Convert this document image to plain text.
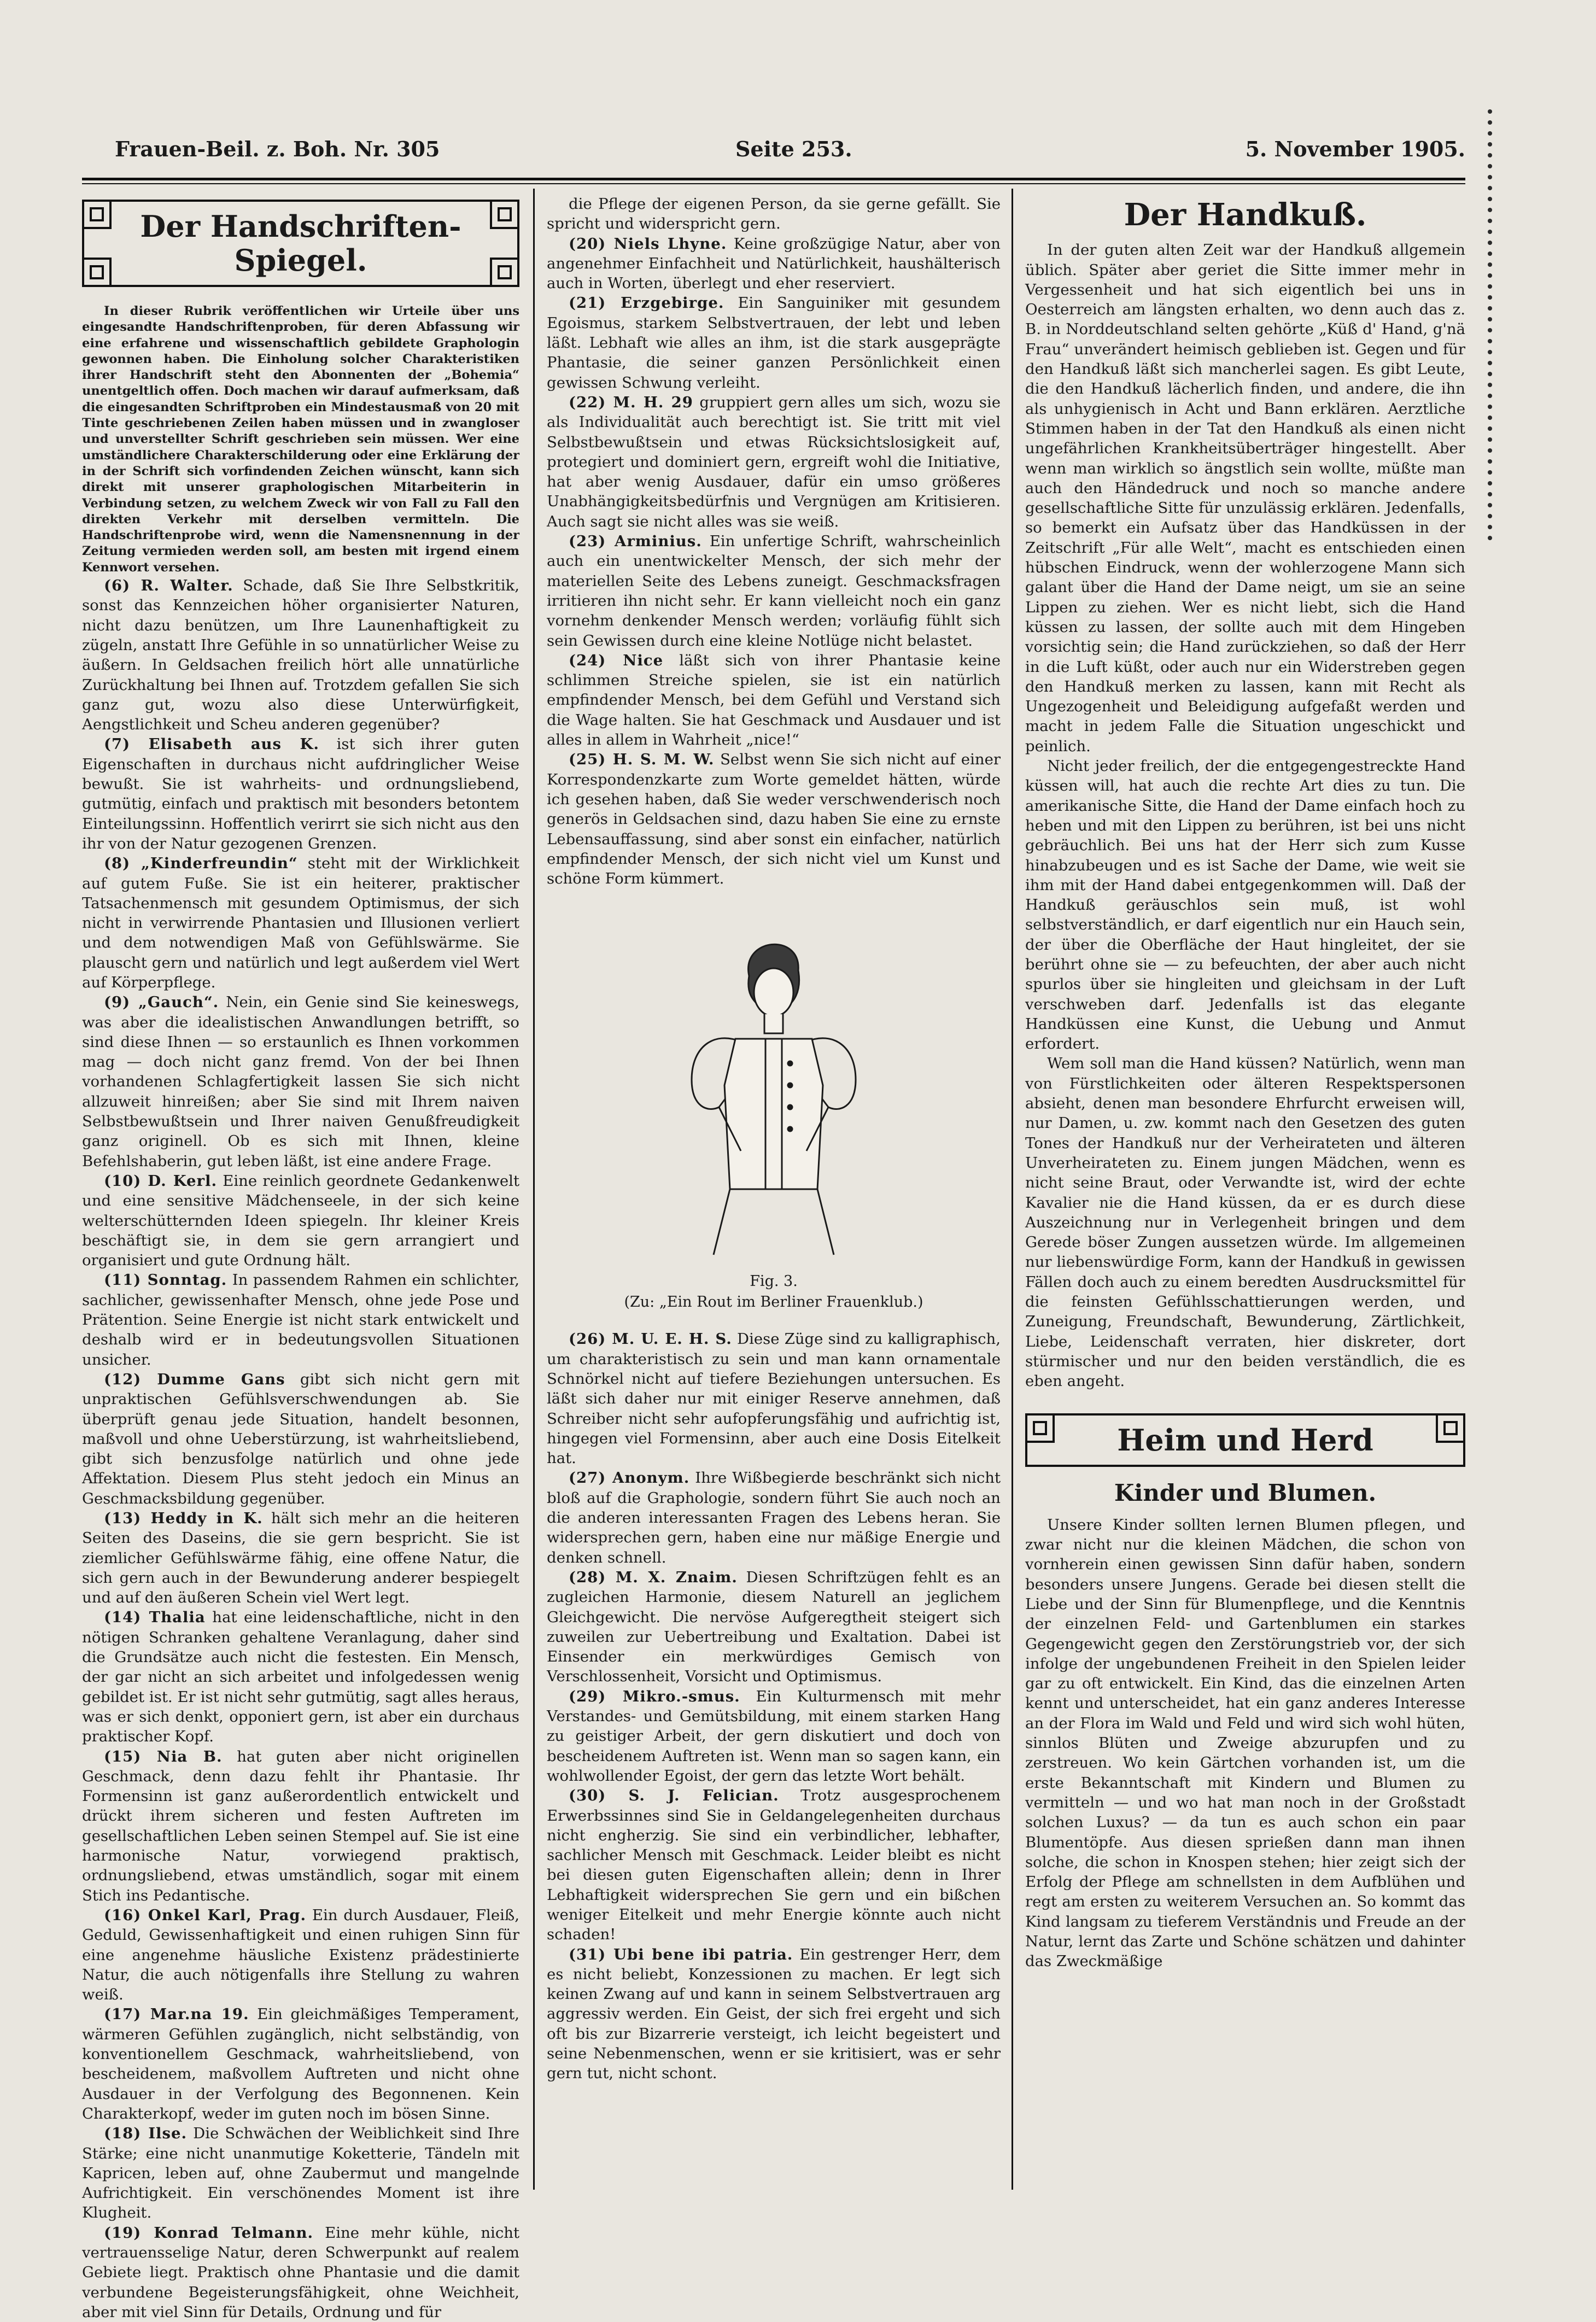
Frauen-Beil. z. Boh. Nr. 305	Seite 253.	5. November 1905.
Der Handschriften-
Spiegel.

In dieser Rubrik veröffentlichen wir Urteile über uns eingesandte Handschriftenproben, für deren Abfassung wir eine erfahrene und wissenschaftlich gebildete Graphologin gewonnen haben. Die Einholung solcher Charakteristiken ihrer Handschrift steht den Abonnenten der „Bohemia“ unentgeltlich offen. Doch machen wir darauf aufmerksam, daß die eingesandten Schriftproben ein Mindestausmaß von 20 mit Tinte geschriebenen Zeilen haben müssen und in zwangloser und unverstellter Schrift geschrieben sein müssen. Wer eine umständlichere Charakterschilderung oder eine Erklärung der in der Schrift sich vorfindenden Zeichen wünscht, kann sich direkt mit unserer graphologischen Mitarbeiterin in Verbindung setzen, zu welchem Zweck wir von Fall zu Fall den direkten Verkehr mit derselben vermitteln. Die Handschriftenprobe wird, wenn die Namensnennung in der Zeitung vermieden werden soll, am besten mit irgend einem Kennwort versehen.

(6) R. Walter. Schade, daß Sie Ihre Selbstkritik, sonst das Kennzeichen höher organisierter Naturen, nicht dazu benützen, um Ihre Launenhaftigkeit zu zügeln, anstatt Ihre Gefühle in so unnatürlicher Weise zu äußern. In Geldsachen freilich hört alle unnatürliche Zurückhaltung bei Ihnen auf. Trotzdem gefallen Sie sich ganz gut, wozu also diese Unterwürfigkeit, Aengstlichkeit und Scheu anderen gegenüber?

(7) Elisabeth aus K. ist sich ihrer guten Eigenschaften in durchaus nicht aufdringlicher Weise bewußt. Sie ist wahrheits- und ordnungsliebend, gutmütig, einfach und praktisch mit besonders betontem Einteilungssinn. Hoffentlich verirrt sie sich nicht aus den ihr von der Natur gezogenen Grenzen.

(8) „Kinderfreundin“ steht mit der Wirklichkeit auf gutem Fuße. Sie ist ein heiterer, praktischer Tatsachenmensch mit gesundem Optimismus, der sich nicht in verwirrende Phantasien und Illusionen verliert und dem notwendigen Maß von Gefühlswärme. Sie plauscht gern und natürlich und legt außerdem viel Wert auf Körperpflege.

(9) „Gauch“. Nein, ein Genie sind Sie keineswegs, was aber die idealistischen Anwandlungen betrifft, so sind diese Ihnen — so erstaunlich es Ihnen vorkommen mag — doch nicht ganz fremd. Von der bei Ihnen vorhandenen Schlagfertigkeit lassen Sie sich nicht allzuweit hinreißen; aber Sie sind mit Ihrem naiven Selbstbewußtsein und Ihrer naiven Genußfreudigkeit ganz originell. Ob es sich mit Ihnen, kleine Befehlshaberin, gut leben läßt, ist eine andere Frage.

(10) D. Kerl. Eine reinlich geordnete Gedankenwelt und eine sensitive Mädchenseele, in der sich keine welterschütternden Ideen spiegeln. Ihr kleiner Kreis beschäftigt sie, in dem sie gern arrangiert und organisiert und gute Ordnung hält.

(11) Sonntag. In passendem Rahmen ein schlichter, sachlicher, gewissenhafter Mensch, ohne jede Pose und Prätention. Seine Energie ist nicht stark entwickelt und deshalb wird er in bedeutungsvollen Situationen unsicher.

(12) Dumme Gans gibt sich nicht gern mit unpraktischen Gefühlsverschwendungen ab. Sie überprüft genau jede Situation, handelt besonnen, maßvoll und ohne Ueberstürzung, ist wahrheitsliebend, gibt sich benzusfolge natürlich und ohne jede Affektation. Diesem Plus steht jedoch ein Minus an Geschmacksbildung gegenüber.

(13) Heddy in K. hält sich mehr an die heiteren Seiten des Daseins, die sie gern bespricht. Sie ist ziemlicher Gefühlswärme fähig, eine offene Natur, die sich gern auch in der Bewunderung anderer bespiegelt und auf den äußeren Schein viel Wert legt.

(14) Thalia hat eine leidenschaftliche, nicht in den nötigen Schranken gehaltene Veranlagung, daher sind die Grundsätze auch nicht die festesten. Ein Mensch, der gar nicht an sich arbeitet und infolgedessen wenig gebildet ist. Er ist nicht sehr gutmütig, sagt alles heraus, was er sich denkt, opponiert gern, ist aber ein durchaus praktischer Kopf.

(15) Nia B. hat guten aber nicht originellen Geschmack, denn dazu fehlt ihr Phantasie. Ihr Formensinn ist ganz außerordentlich entwickelt und drückt ihrem sicheren und festen Auftreten im gesellschaftlichen Leben seinen Stempel auf. Sie ist eine harmonische Natur, vorwiegend praktisch, ordnungsliebend, etwas umständlich, sogar mit einem Stich ins Pedantische.

(16) Onkel Karl, Prag. Ein durch Ausdauer, Fleiß, Geduld, Gewissenhaftigkeit und einen ruhigen Sinn für eine angenehme häusliche Existenz prädestinierte Natur, die auch nötigenfalls ihre Stellung zu wahren weiß.

(17) Mar.na 19. Ein gleichmäßiges Temperament, wärmeren Gefühlen zugänglich, nicht selbständig, von konventionellem Geschmack, wahrheitsliebend, von bescheidenem, maßvollem Auftreten und nicht ohne Ausdauer in der Verfolgung des Begonnenen. Kein Charakterkopf, weder im guten noch im bösen Sinne.

(18) Ilse. Die Schwächen der Weiblichkeit sind Ihre Stärke; eine nicht unanmutige Koketterie, Tändeln mit Kapricen, leben auf, ohne Zaubermut und mangelnde Aufrichtigkeit. Ein verschönendes Moment ist ihre Klugheit.

(19) Konrad Telmann. Eine mehr kühle, nicht vertrauensselige Natur, deren Schwerpunkt auf realem Gebiete liegt. Praktisch ohne Phantasie und die damit verbundene Begeisterungsfähigkeit, ohne Weichheit, aber mit viel Sinn für Details, Ordnung und für

die Pflege der eigenen Person, da sie gerne gefällt. Sie spricht und widerspricht gern.

(20) Niels Lhyne. Keine großzügige Natur, aber von angenehmer Einfachheit und Natürlichkeit, haushälterisch auch in Worten, überlegt und eher reserviert.

(21) Erzgebirge. Ein Sanguiniker mit gesundem Egoismus, starkem Selbstvertrauen, der lebt und leben läßt. Lebhaft wie alles an ihm, ist die stark ausgeprägte Phantasie, die seiner ganzen Persönlichkeit einen gewissen Schwung verleiht.

(22) M. H. 29 gruppiert gern alles um sich, wozu sie als Individualität auch berechtigt ist. Sie tritt mit viel Selbstbewußtsein und etwas Rücksichtslosigkeit auf, protegiert und dominiert gern, ergreift wohl die Initiative, hat aber wenig Ausdauer, dafür ein umso größeres Unabhängigkeitsbedürfnis und Vergnügen am Kritisieren. Auch sagt sie nicht alles was sie weiß.

(23) Arminius. Ein unfertige Schrift, wahrscheinlich auch ein unentwickelter Mensch, der sich mehr der materiellen Seite des Lebens zuneigt. Geschmacksfragen irritieren ihn nicht sehr. Er kann vielleicht noch ein ganz vornehm denkender Mensch werden; vorläufig fühlt sich sein Gewissen durch eine kleine Notlüge nicht belastet.

(24) Nice läßt sich von ihrer Phantasie keine schlimmen Streiche spielen, sie ist ein natürlich empfindender Mensch, bei dem Gefühl und Verstand sich die Wage halten. Sie hat Geschmack und Ausdauer und ist alles in allem in Wahrheit „nice!“

(25) H. S. M. W. Selbst wenn Sie sich nicht auf einer Korrespondenzkarte zum Worte gemeldet hätten, würde ich gesehen haben, daß Sie weder verschwenderisch noch generös in Geldsachen sind, dazu haben Sie eine zu ernste Lebensauffassung, sind aber sonst ein einfacher, natürlich empfindender Mensch, der sich nicht viel um Kunst und schöne Form kümmert.

Fig. 3.
(Zu: „Ein Rout im Berliner Frauenklub.)

(26) M. U. E. H. S. Diese Züge sind zu kalligraphisch, um charakteristisch zu sein und man kann ornamentale Schnörkel nicht auf tiefere Beziehungen untersuchen. Es läßt sich daher nur mit einiger Reserve annehmen, daß Schreiber nicht sehr aufopferungsfähig und aufrichtig ist, hingegen viel Formensinn, aber auch eine Dosis Eitelkeit hat.

(27) Anonym. Ihre Wißbegierde beschränkt sich nicht bloß auf die Graphologie, sondern führt Sie auch noch an die anderen interessanten Fragen des Lebens heran. Sie widersprechen gern, haben eine nur mäßige Energie und denken schnell.

(28) M. X. Znaim. Diesen Schriftzügen fehlt es an zugleichen Harmonie, diesem Naturell an jeglichem Gleichgewicht. Die nervöse Aufgeregtheit steigert sich zuweilen zur Uebertreibung und Exaltation. Dabei ist Einsender ein merkwürdiges Gemisch von Verschlossenheit, Vorsicht und Optimismus.

(29) Mikro.-smus. Ein Kulturmensch mit mehr Verstandes- und Gemütsbildung, mit einem starken Hang zu geistiger Arbeit, der gern diskutiert und doch von bescheidenem Auftreten ist. Wenn man so sagen kann, ein wohlwollender Egoist, der gern das letzte Wort behält.

(30) S. J. Felician. Trotz ausgesprochenem Erwerbssinnes sind Sie in Geldangelegenheiten durchaus nicht engherzig. Sie sind ein verbindlicher, lebhafter, sachlicher Mensch mit Geschmack. Leider bleibt es nicht bei diesen guten Eigenschaften allein; denn in Ihrer Lebhaftigkeit widersprechen Sie gern und ein bißchen weniger Eitelkeit und mehr Energie könnte auch nicht schaden!

(31) Ubi bene ibi patria. Ein gestrenger Herr, dem es nicht beliebt, Konzessionen zu machen. Er legt sich keinen Zwang auf und kann in seinem Selbstvertrauen arg aggressiv werden. Ein Geist, der sich frei ergeht und sich oft bis zur Bizarrerie versteigt, ich leicht begeistert und seine Nebenmenschen, wenn er sie kritisiert, was er sehr gern tut, nicht schont.

Der Handkuß.

In der guten alten Zeit war der Handkuß allgemein üblich. Später aber geriet die Sitte immer mehr in Vergessenheit und hat sich eigentlich bei uns in Oesterreich am längsten erhalten, wo denn auch das z. B. in Norddeutschland selten gehörte „Küß d' Hand, g'nä Frau“ unverändert heimisch geblieben ist. Gegen und für den Handkuß läßt sich mancherlei sagen. Es gibt Leute, die den Handkuß lächerlich finden, und andere, die ihn als unhygienisch in Acht und Bann erklären. Aerztliche Stimmen haben in der Tat den Handkuß als einen nicht ungefährlichen Krankheitsüberträger hingestellt. Aber wenn man wirklich so ängstlich sein wollte, müßte man auch den Händedruck und noch so manche andere gesellschaftliche Sitte für unzulässig erklären. Jedenfalls, so bemerkt ein Aufsatz über das Handküssen in der Zeitschrift „Für alle Welt“, macht es entschieden einen hübschen Eindruck, wenn der wohlerzogene Mann sich galant über die Hand der Dame neigt, um sie an seine Lippen zu ziehen. Wer es nicht liebt, sich die Hand küssen zu lassen, der sollte auch mit dem Hingeben vorsichtig sein; die Hand zurückziehen, so daß der Herr in die Luft küßt, oder auch nur ein Widerstreben gegen den Handkuß merken zu lassen, kann mit Recht als Ungezogenheit und Beleidigung aufgefaßt werden und macht in jedem Falle die Situation ungeschickt und peinlich.

Nicht jeder freilich, der die entgegengestreckte Hand küssen will, hat auch die rechte Art dies zu tun. Die amerikanische Sitte, die Hand der Dame einfach hoch zu heben und mit den Lippen zu berühren, ist bei uns nicht gebräuchlich. Bei uns hat der Herr sich zum Kusse hinabzubeugen und es ist Sache der Dame, wie weit sie ihm mit der Hand dabei entgegenkommen will. Daß der Handkuß geräuschlos sein muß, ist wohl selbstverständlich, er darf eigentlich nur ein Hauch sein, der über die Oberfläche der Haut hingleitet, der sie berührt ohne sie — zu befeuchten, der aber auch nicht spurlos über sie hingleiten und gleichsam in der Luft verschweben darf. Jedenfalls ist das elegante Handküssen eine Kunst, die Uebung und Anmut erfordert.

Wem soll man die Hand küssen? Natürlich, wenn man von Fürstlichkeiten oder älteren Respektspersonen absieht, denen man besondere Ehrfurcht erweisen will, nur Damen, u. zw. kommt nach den Gesetzen des guten Tones der Handkuß nur der Verheirateten und älteren Unverheirateten zu. Einem jungen Mädchen, wenn es nicht seine Braut, oder Verwandte ist, wird der echte Kavalier nie die Hand küssen, da er es durch diese Auszeichnung nur in Verlegenheit bringen und dem Gerede böser Zungen aussetzen würde. Im allgemeinen nur liebenswürdige Form, kann der Handkuß in gewissen Fällen doch auch zu einem beredten Ausdrucksmittel für die feinsten Gefühlsschattierungen werden, und Zuneigung, Freundschaft, Bewunderung, Zärtlichkeit, Liebe, Leidenschaft verraten, hier diskreter, dort stürmischer und nur den beiden verständlich, die es eben angeht.

Heim und Herd
Kinder und Blumen.

Unsere Kinder sollten lernen Blumen pflegen, und zwar nicht nur die kleinen Mädchen, die schon von vornherein einen gewissen Sinn dafür haben, sondern besonders unsere Jungens. Gerade bei diesen stellt die Liebe und der Sinn für Blumenpflege, und die Kenntnis der einzelnen Feld- und Gartenblumen ein starkes Gegengewicht gegen den Zerstörungstrieb vor, der sich infolge der ungebundenen Freiheit in den Spielen leider gar zu oft entwickelt. Ein Kind, das die einzelnen Arten kennt und unterscheidet, hat ein ganz anderes Interesse an der Flora im Wald und Feld und wird sich wohl hüten, sinnlos Blüten und Zweige abzurupfen und zu zerstreuen. Wo kein Gärtchen vorhanden ist, um die erste Bekanntschaft mit Kindern und Blumen zu vermitteln — und wo hat man noch in der Großstadt solchen Luxus? — da tun es auch schon ein paar Blumentöpfe. Aus diesen sprießen dann man ihnen solche, die schon in Knospen stehen; hier zeigt sich der Erfolg der Pflege am schnellsten in dem Aufblühen und regt am ersten zu weiterem Versuchen an. So kommt das Kind langsam zu tieferem Verständnis und Freude an der Natur, lernt das Zarte und Schöne schätzen und dahinter das Zweckmäßige
